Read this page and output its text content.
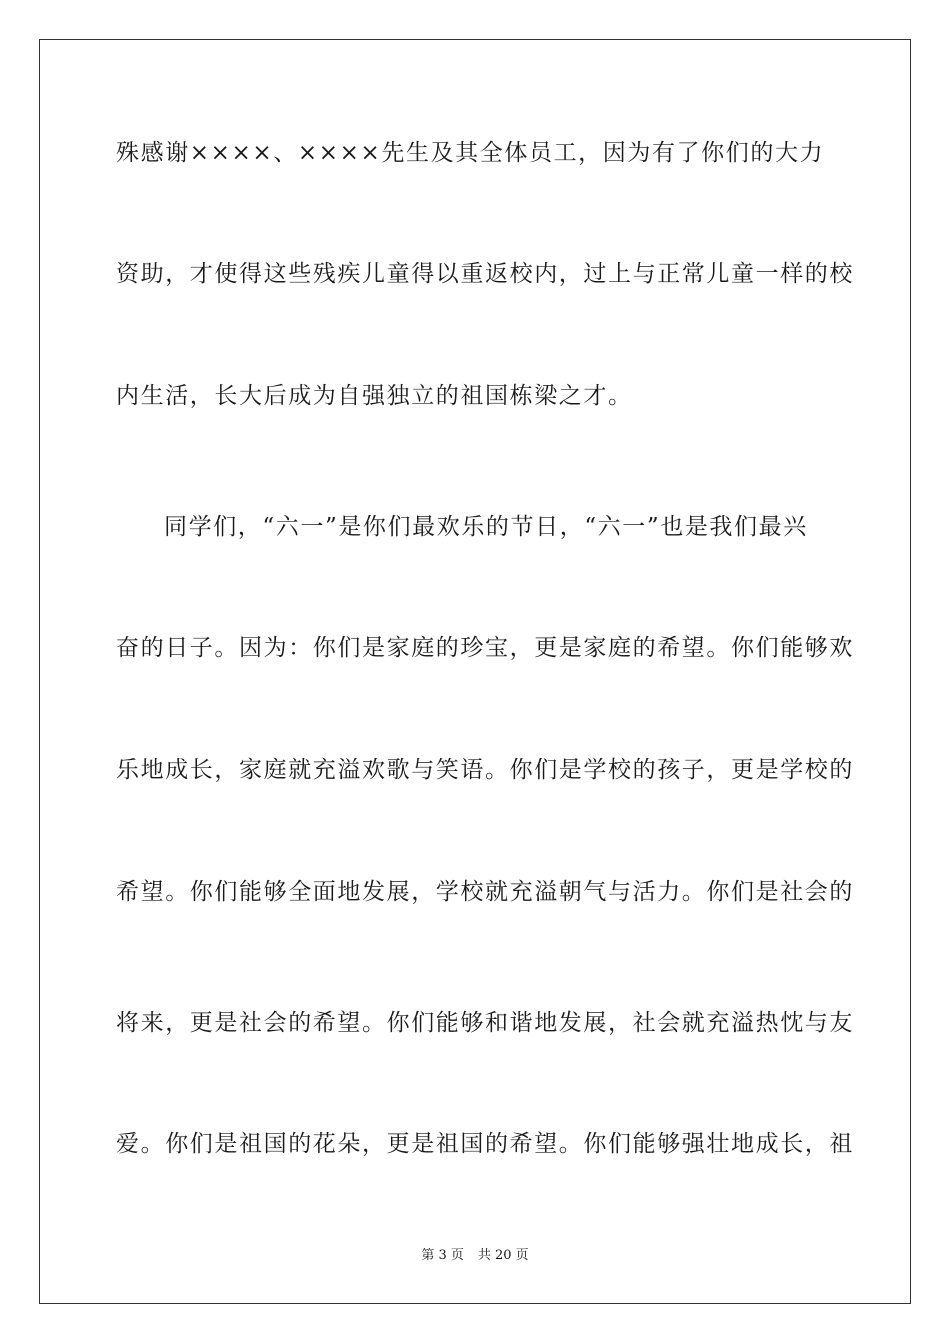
殊感谢××××、××××先生及其全体员工，因为有了你们的大力
资助，才使得这些残疾儿童得以重返校内，过上与正常儿童一样的校
内生活，长大后成为自强独立的祖国栋梁之才。
同学们，“六一”是你们最欢乐的节日，“六一”也是我们最兴
奋的日子。因为：你们是家庭的珍宝，更是家庭的希望。你们能够欢
乐地成长，家庭就充溢欢歌与笑语。你们是学校的孩子，更是学校的
希望。你们能够全面地发展，学校就充溢朝气与活力。你们是社会的
将来，更是社会的希望。你们能够和谐地发展，社会就充溢热忱与友
爱。你们是祖国的花朵，更是祖国的希望。你们能够强壮地成长，祖
第 3 页 共 20 页
